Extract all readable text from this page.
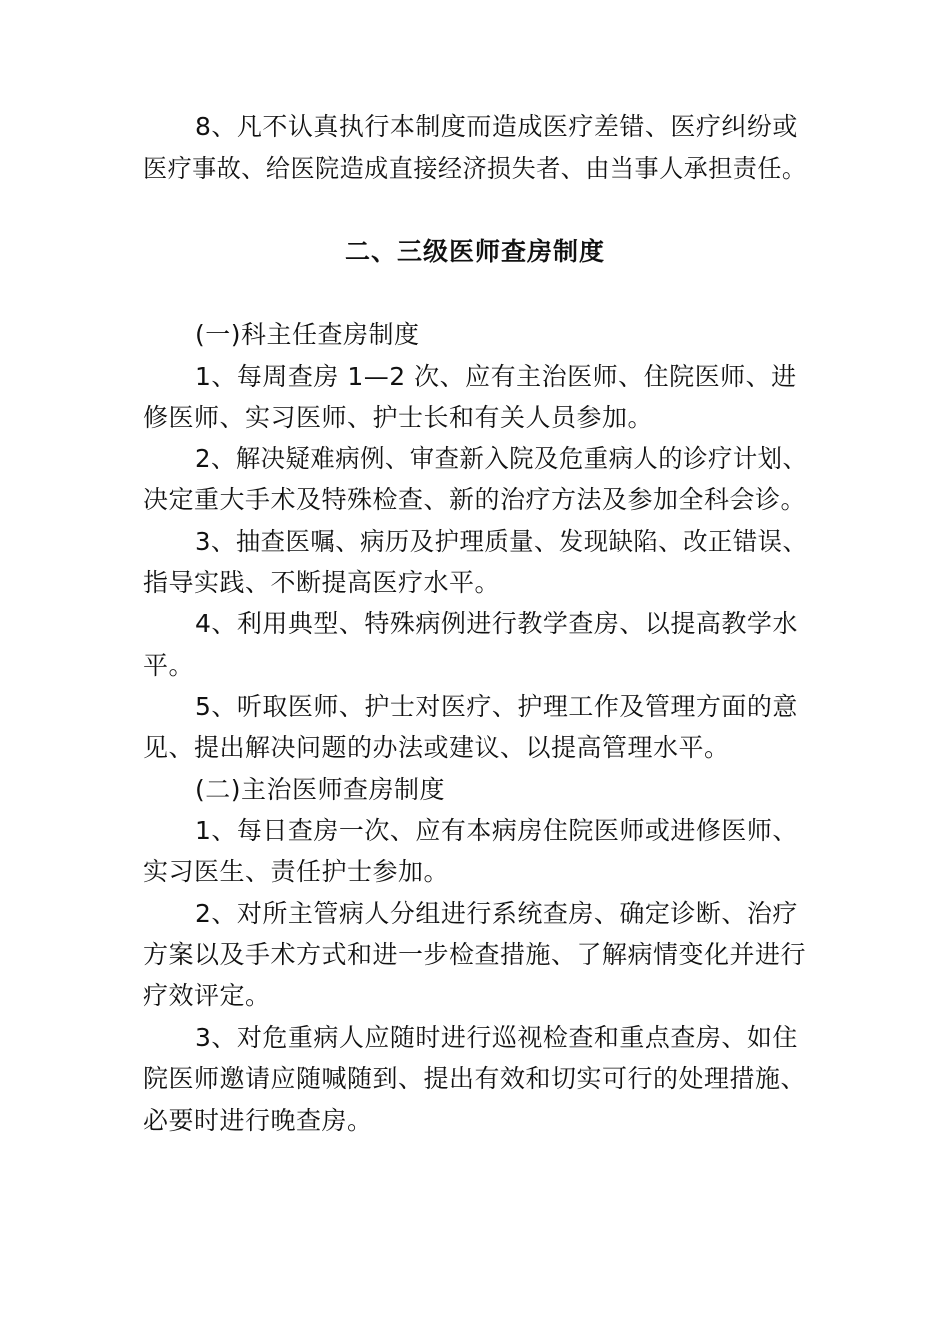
8、凡不认真执行本制度而造成医疗差错、医疗纠纷或
医疗事故、给医院造成直接经济损失者、由当事人承担责任。
二、三级医师查房制度
(一)科主任查房制度
1、每周查房 1—2 次、应有主治医师、住院医师、进
修医师、实习医师、护士长和有关人员参加。
2、解决疑难病例、审查新入院及危重病人的诊疗计划、
决定重大手术及特殊检查、新的治疗方法及参加全科会诊。
3、抽查医嘱、病历及护理质量、发现缺陷、改正错误、
指导实践、不断提高医疗水平。
4、利用典型、特殊病例进行教学查房、以提高教学水
平。
5、听取医师、护士对医疗、护理工作及管理方面的意
见、提出解决问题的办法或建议、以提高管理水平。
(二)主治医师查房制度
1、每日查房一次、应有本病房住院医师或进修医师、
实习医生、责任护士参加。
2、对所主管病人分组进行系统查房、确定诊断、治疗
方案以及手术方式和进一步检查措施、了解病情变化并进行
疗效评定。
3、对危重病人应随时进行巡视检查和重点查房、如住
院医师邀请应随喊随到、提出有效和切实可行的处理措施、
必要时进行晚查房。
